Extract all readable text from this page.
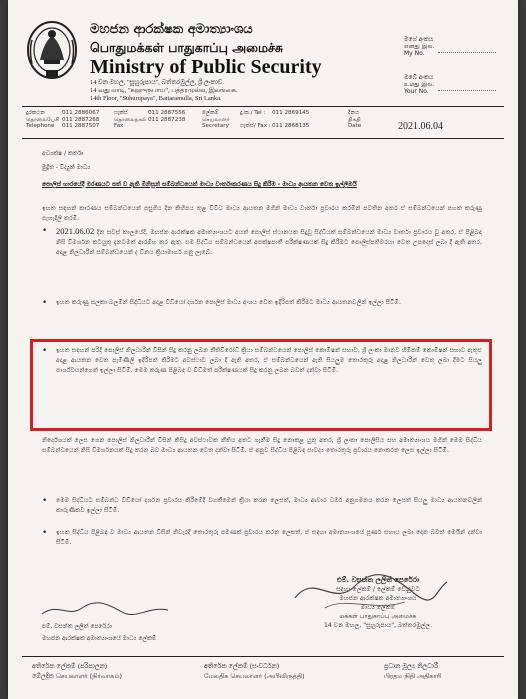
මහජන ආරක්ෂක අමාත්‍යාංශය
பொதுமக்கள் பாதுகாப்பு அமைச்சு
Ministry of Public Security
14 වන මහල, "සුහුරුපාය", බත්තරමුල්ල, ශ්‍රී ලංකාව.
14 வது மாடி, "சுஹுருபாய", பத்தரமுல்ல, இலங்கை.
14th Floor, "Suhurupaya", Battaramulla, Sri Lanka.
මගේ අංකය
எனது இல.
My No.
ඔබේ අංකය
உமது இல.
Your No.
දුරකථන
தொலைபேசி
Telephone
011 2886067
011 2887268
011 2887507
ෆැක්ස්
தொலைநகல்
Fax
011 2887556
011 2887238
ලේකම්
செயலாளர்
Secretary
දු.ක./ Tel : 011 2869145
ෆැක්ස්/ Fax : 011 2868135
දිනය
திகதி
Date	2021.06.04
අධ්‍යක්ෂ / කර්තෘ
මුද්‍රිත - විද්‍යුත් මාධ්‍ය
පොලිස් භාරයේදී මරණයට පත් ව ඇති මිනිසුන් සම්බන්ධයෙන් මාධ්‍ය වාර්තාකරණය සිදු කිරීම - මාධ්‍ය ආයතන වෙත ඉල්ලීමයි
ඉහත සඳහන් කාරණය සම්බන්ධයෙන් පසුගිය දින කිහිපය තුළ විවිධ මාධ්‍ය ආයතන මගින් මාධ්‍ය වාර්තා ප්‍රචාරය කරමින් පවතින අතර ඒ සම්බන්ධයෙන් පහත කරුණු පැහැදිලි කරමි.
• 2021.06.02 දින සවස් කාලයේදී, මහජන ආරක්ෂක අමාත්‍යාංශයට අයත් පොලිස් ස්ථානයක සිදුවූ සිද්ධියක් සම්බන්ධයෙන් මාධ්‍ය වාර්තා ප්‍රචාරය වූ අතර, ඒ පිළිබඳ නිසි විමර්ශන කටයුතු දැනටමත් ආරම්භ කර ඇත. එම සිද්ධිය සම්බන්ධයෙන් අපක්ෂපාතී පරීක්ෂණයක් සිදු කිරීමට පොලිස්පතිවරයා වෙත උපදෙස් ලබා දී ඇති අතර, අදාළ නිලධාරීන් සම්බන්ධයෙන් ද විනය ක්‍රියාමාර්ග ගනු ලැබේ.
• ඉහත කරුණු සලකා බලමින් සිද්ධියට අදාළ වීඩියෝ දර්ශන පොලිස් මාධ්‍ය අංශය වෙත ඉදිරිපත් කිරීමට මාධ්‍ය ආයතනවලින් ඉල්ලා සිටිමි.
• ඉහත සඳහන් පරිදි පොලිස් නිලධාරීන් විසින් සිදු කරනු ලබන නීතිවිරෝධී ක්‍රියා සම්බන්ධයෙන් පොලිස් කොමිෂන් සභාව, ශ්‍රී ලංකා මානව හිමිකම් කොමිෂන් සභාව ඇතුළු අදාළ ආයතන වෙත පැමිණිලි ඉදිරිපත් කිරීමට අවස්ථාව ලබා දී ඇති අතර, ඒ සම්බන්ධයෙන් ඇති සියලුම තොරතුරු අදාළ නිලධාරීන් වෙත ලබා දීමට සියලු පාර්ශ්වයන්ගෙන් ඉල්ලා සිටිමි. මෙම කරුණ පිළිබඳ ව විධිමත් පරීක්ෂණයක් සිදු කරනු ලබන බවත් දන්වා සිටිමි.
නිර්දේශයක් ලෙස ගෙන පොලිස් නිලධාරීන් විසින් කිසිදු අවස්ථාවක නීතිය අතට ගැනීම සිදු නොකළ යුතු අතර, ශ්‍රී ලංකා පොලිසිය සහ අමාත්‍යාංශය මගින් මෙම සිද්ධිය සම්බන්ධයෙන් නිසි විමර්ශනයක් සිදු කරන බව මාධ්‍ය ආයතන වෙත දන්වා සිටිමි. ඒ අනුව සිද්ධිය පිළිබඳ සාවද්‍ය තොරතුරු ප්‍රචාරය නොකරන ලෙස ඉල්ලා සිටිමි.
• මෙම සිද්ධියට සම්බන්ධ වීඩියෝ දර්ශන ප්‍රචාරය කිරීමේදී වගකීමෙන් ක්‍රියා කරන ලෙසත්, මාධ්‍ය ආචාර ධර්ම අනුගමනය කරන ලෙසත් සියලු මාධ්‍ය ආයතනවලින් කාරුණිකව ඉල්ලා සිටිමි.
• ඉහත සිද්ධිය පිළිබඳ ව මාධ්‍ය ආයතන විසින් නිවැරදි තොරතුරු පමණක් ප්‍රචාරය කරන ලෙසත්, ඒ සඳහා අමාත්‍යාංශයේ පූර්ණ සහාය ලබා දෙන බවත් මෙයින් දන්වා සිටිමි.
එම්. වසන්ත ලලිත් පෙරේරා
මහජන ආරක්ෂක අමාත්‍යාංශයේ මාධ්‍ය ලේකම්
එම්. වසන්ත ලලිත් පෙරේරා
සඳහා ලේකම් / ලේකම් වෙනුවට
මහජන ආරක්ෂක අමාත්‍යාංශය
මාධ්‍ය ලේකම්
மக்கள் பாதுகாப்பு அமைச்சு
14 වන මහල, "සුහුරුපාය", බත්තරමුල්ල.
අතිරේක ලේකම් (පරිපාලන)
මේලදික செயலாளர் (நிர்வாகம்)
අතිරේක ලේකම් (සංවර්ධන)
மேலதிக செயலாளர் (அபிவிருத்தி)
ප්‍රධාන මූල්‍ය නිලධාරී
பிரதம நிதி அதிகாரி
